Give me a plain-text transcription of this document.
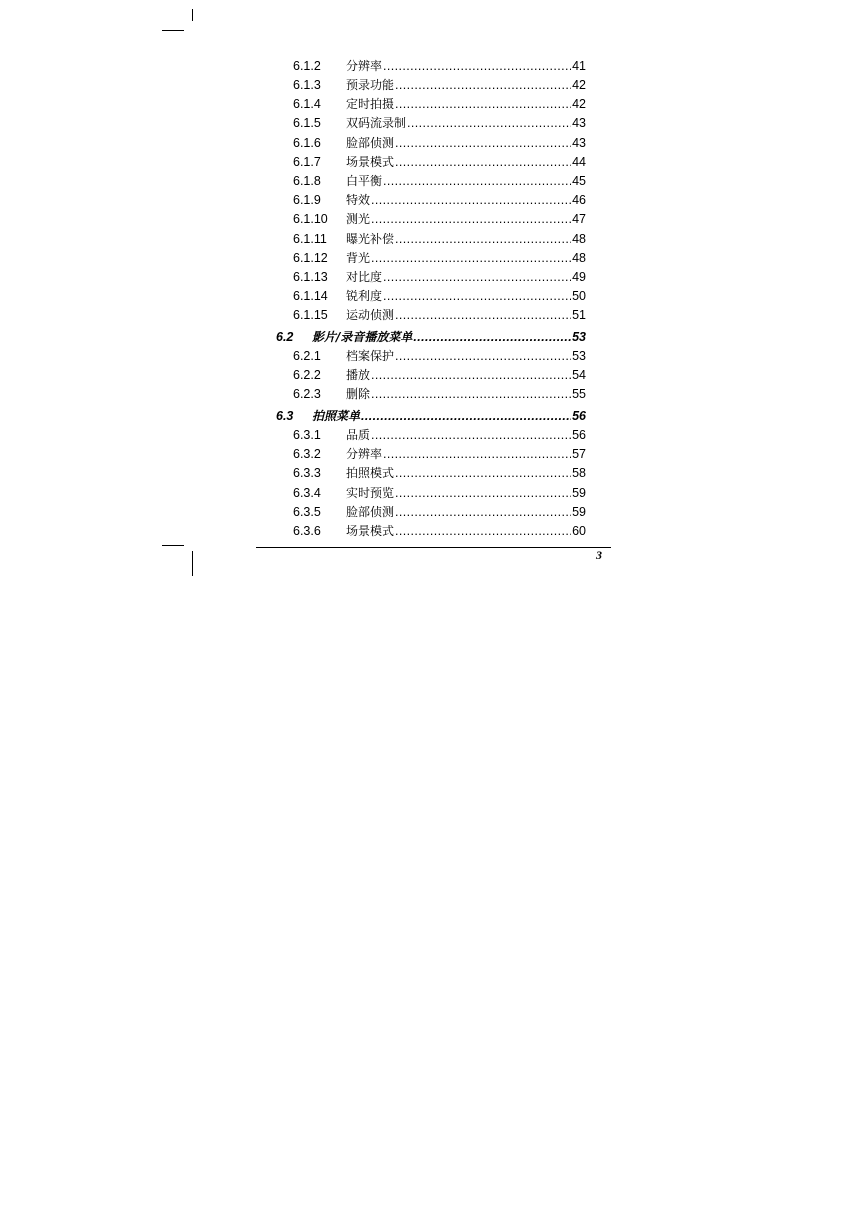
6.1.2	分辨率 .....	41
6.1.3	预录功能 .....	42
6.1.4	定时拍摄 .....	42
6.1.5	双码流录制 .....	43
6.1.6	脸部侦测 .....	43
6.1.7	场景模式 .....	44
6.1.8	白平衡 .....	45
6.1.9	特效 .....	46
6.1.10	测光 .....	47
6.1.11	曝光补偿 .....	48
6.1.12	背光 .....	48
6.1.13	对比度 .....	49
6.1.14	锐利度 .....	50
6.1.15	运动侦测 .....	51
6.2	影片/录音播放菜单 .....	53
6.2.1	档案保护 .....	53
6.2.2	播放 .....	54
6.2.3	删除 .....	55
6.3	拍照菜单 .....	56
6.3.1	品质 .....	56
6.3.2	分辨率 .....	57
6.3.3	拍照模式 .....	58
6.3.4	实时预览 .....	59
6.3.5	脸部侦测 .....	59
6.3.6	场景模式 .....	60
3
